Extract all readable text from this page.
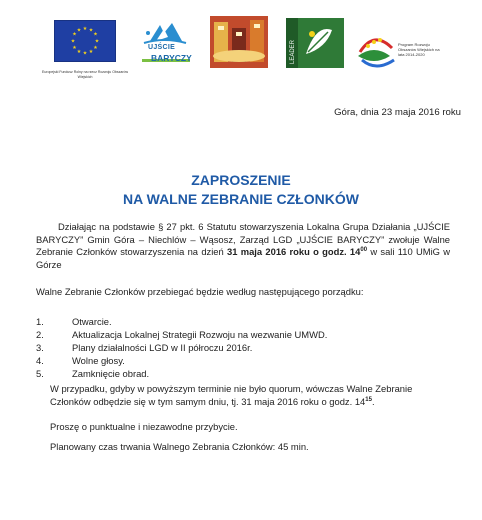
★ ★
★
★
★
★
★
★
★
★
★
★
Europejski Fundusz Rolny na rzecz Rozwoju Obszarów Wiejskich
UJŚCIE
BARYCZY	LEADER	Program Rozwoju Obszarów Wiejskich na lata 2014-2020
Góra, dnia 23 maja 2016 roku
ZAPROSZENIE
NA WALNE ZEBRANIE CZŁONKÓW
Działając na podstawie § 27 pkt. 6 Statutu stowarzyszenia Lokalna Grupa Działania „UJŚCIE BARYCZY” Gmin Góra – Niechlów – Wąsosz, Zarząd LGD „UJŚCIE BARYCZY” zwołuje Walne Zebranie Członków stowarzyszenia na dzień 31 maja 2016 roku o godz. $14^{00}$ w sali 110 UMiG w Górze
Walne Zebranie Członków przebiegać będzie według następującego porządku:
1.	Otwarcie.
2.	Aktualizacja Lokalnej Strategii Rozwoju na wezwanie UMWD.
3.	Plany działalności LGD w II półroczu 2016r.
4.	Wolne głosy.
5.	Zamknięcie obrad.
W przypadku, gdyby w powyższym terminie nie było quorum, wówczas Walne Zebranie Członków odbędzie się w tym samym dniu, tj. 31 maja 2016 roku o godz. $14^{15}$.
Proszę o punktualne i niezawodne przybycie.
Planowany czas trwania Walnego Zebrania Członków: 45 min.
